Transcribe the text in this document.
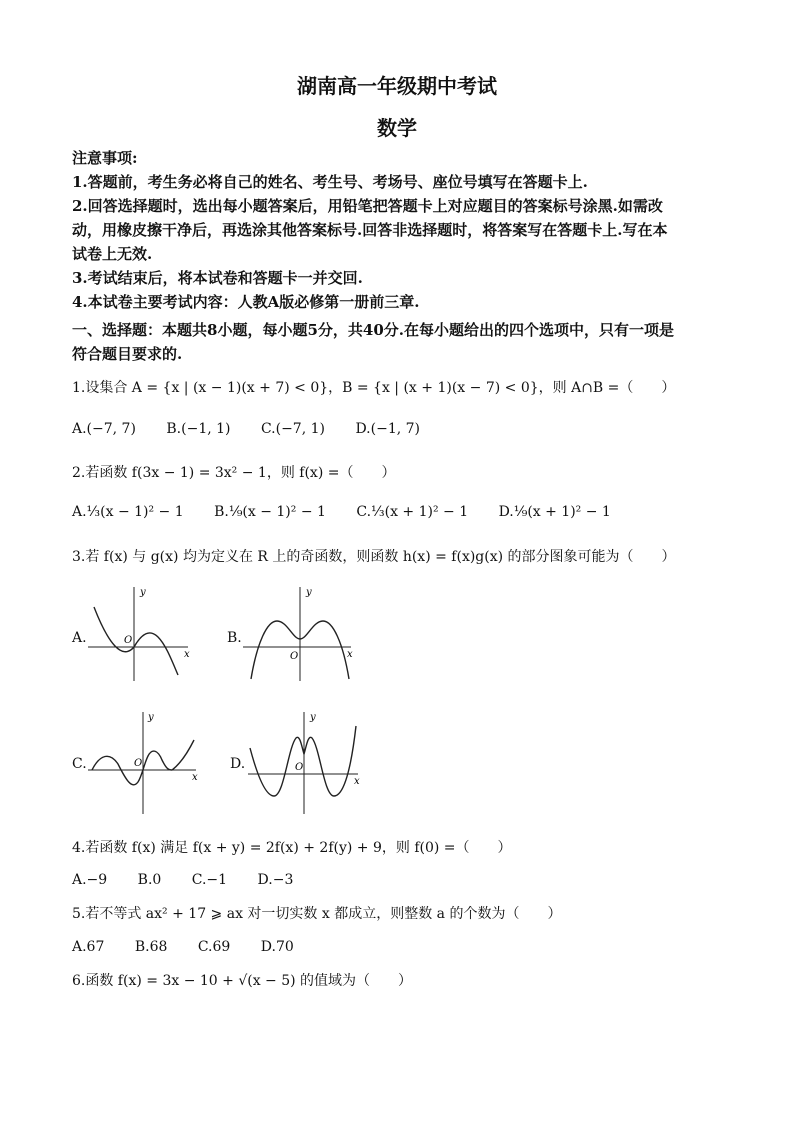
湖南高一年级期中考试
数学
注意事项:
1.答题前，考生务必将自己的姓名、考生号、考场号、座位号填写在答题卡上.
2.回答选择题时，选出每小题答案后，用铅笔把答题卡上对应题目的答案标号涂黑.如需改
动，用橡皮擦干净后，再选涂其他答案标号.回答非选择题时，将答案写在答题卡上.写在本
试卷上无效.
3.考试结束后，将本试卷和答题卡一并交回.
4.本试卷主要考试内容：人教A版必修第一册前三章.
一、选择题：本题共8小题，每小题5分，共40分.在每小题给出的四个选项中，只有一项是
符合题目要求的.
1.设集合 A = {x | (x − 1)(x + 7) < 0}，B = {x | (x + 1)(x − 7) < 0}，则 A∩B =（　　）
A.(−7, 7) B.(−1, 1) C.(−7, 1) D.(−1, 7)
2.若函数 f(3x − 1) = 3x² − 1，则 f(x) =（　　）
A.⅓(x − 1)² − 1 B.⅑(x − 1)² − 1 C.⅓(x + 1)² − 1 D.⅑(x + 1)² − 1
3.若 f(x) 与 g(x) 均为定义在 R 上的奇函数，则函数 h(x) = f(x)g(x) 的部分图象可能为（　　）
A.
y
x
O	B.
y
x
O
C.
y
x
O	D.
y
x
O
4.若函数 f(x) 满足 f(x + y) = 2f(x) + 2f(y) + 9，则 f(0) =（　　）
A.−9 B.0 C.−1 D.−3
5.若不等式 ax² + 17 ⩾ ax 对一切实数 x 都成立，则整数 a 的个数为（　　）
A.67 B.68 C.69 D.70
6.函数 f(x) = 3x − 10 + √(x − 5) 的值域为（　　）
